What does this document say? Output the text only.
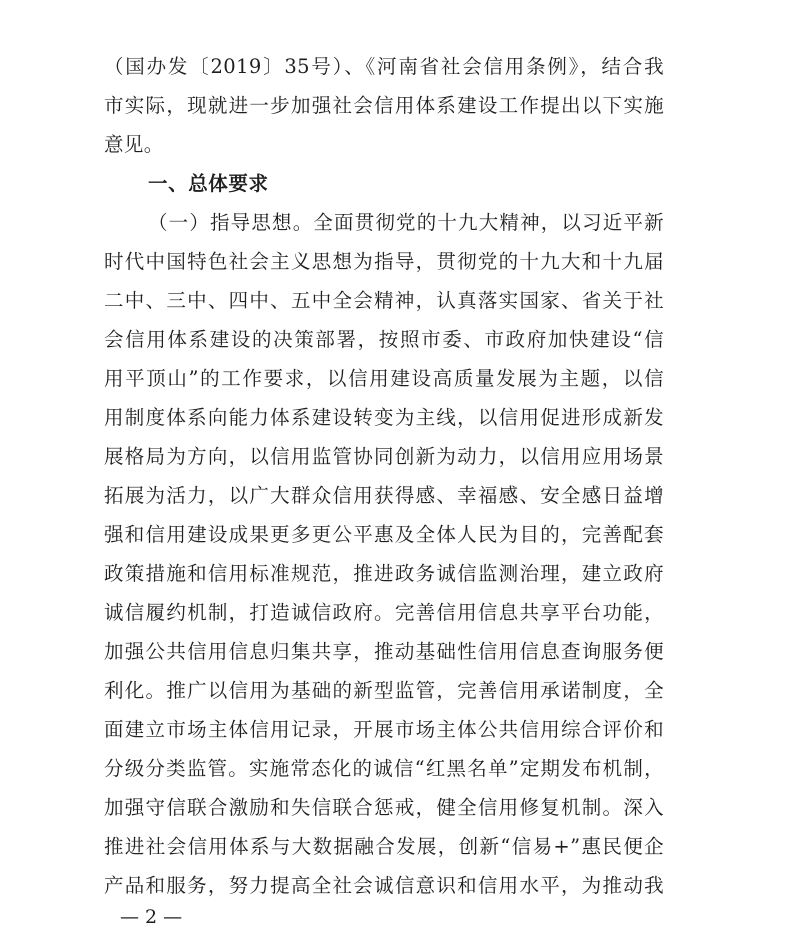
一、总体要求
（国办发〔2019〕35号）、《河南省社会信用条例》，结合我
市实际，现就进一步加强社会信用体系建设工作提出以下实施
意见。
（一）指导思想。全面贯彻党的十九大精神，以习近平新
时代中国特色社会主义思想为指导，贯彻党的十九大和十九届
二中、三中、四中、五中全会精神，认真落实国家、省关于社
会信用体系建设的决策部署，按照市委、市政府加快建设“信
用平顶山”的工作要求，以信用建设高质量发展为主题，以信
用制度体系向能力体系建设转变为主线，以信用促进形成新发
展格局为方向，以信用监管协同创新为动力，以信用应用场景
拓展为活力，以广大群众信用获得感、幸福感、安全感日益增
强和信用建设成果更多更公平惠及全体人民为目的，完善配套
政策措施和信用标准规范，推进政务诚信监测治理，建立政府
诚信履约机制，打造诚信政府。完善信用信息共享平台功能，
加强公共信用信息归集共享，推动基础性信用信息查询服务便
利化。推广以信用为基础的新型监管，完善信用承诺制度，全
面建立市场主体信用记录，开展市场主体公共信用综合评价和
分级分类监管。实施常态化的诚信“红黑名单”定期发布机制，
加强守信联合激励和失信联合惩戒，健全信用修复机制。深入
推进社会信用体系与大数据融合发展，创新“信易+”惠民便企
产品和服务，努力提高全社会诚信意识和信用水平，为推动我
— 2 —
